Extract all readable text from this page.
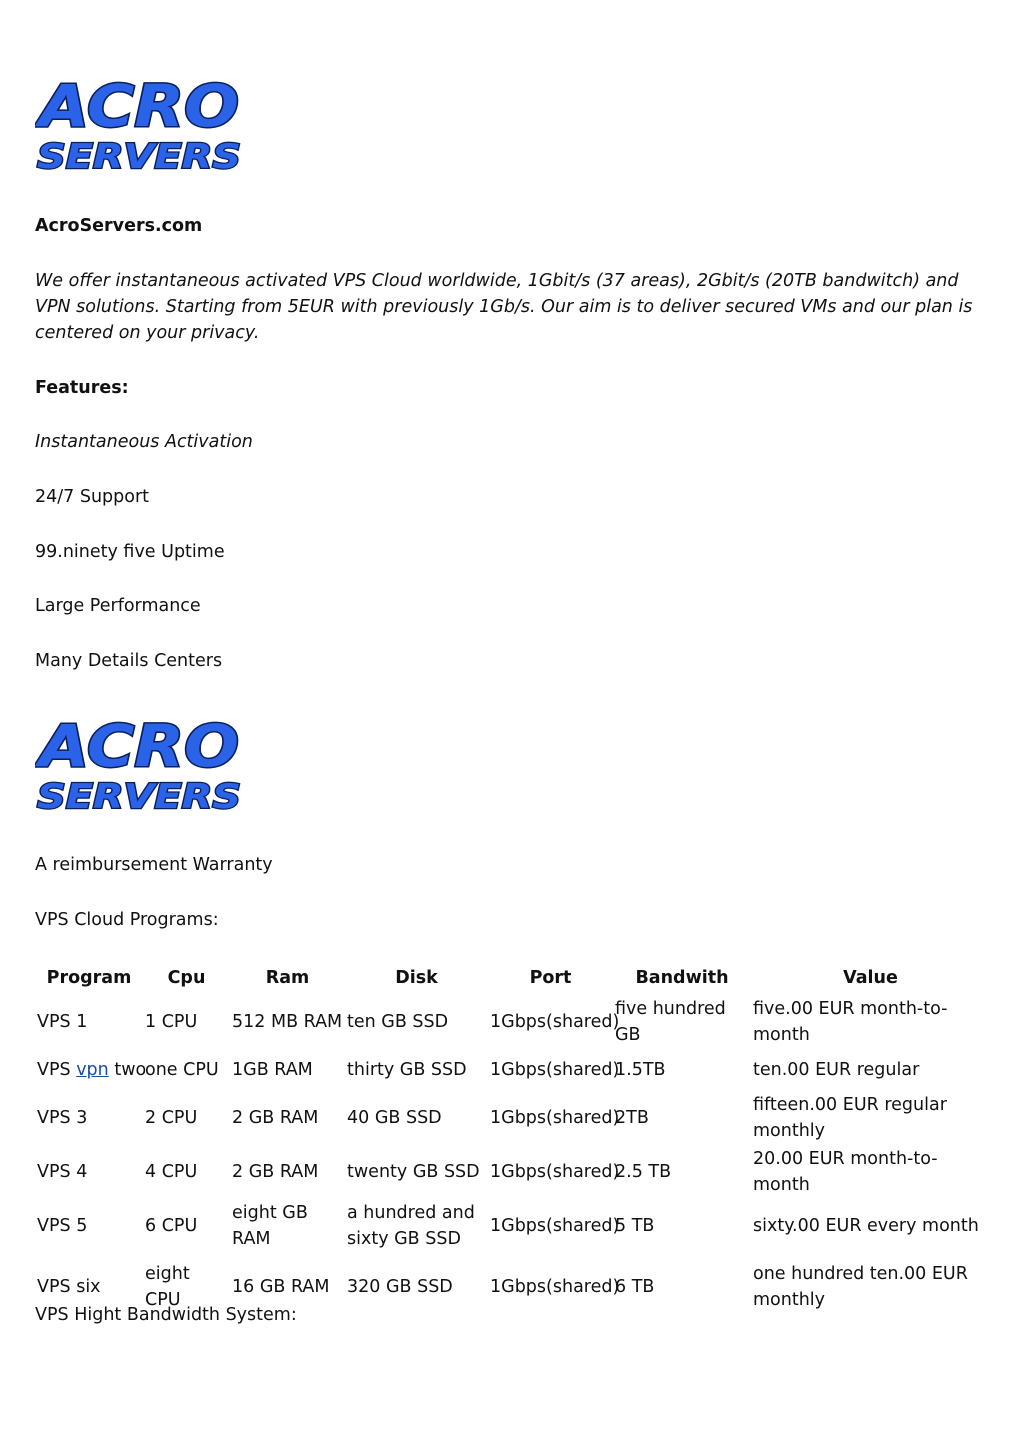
ACRO
SERVERS

AcroServers.com

We offer instantaneous activated VPS Cloud worldwide, 1Gbit/s (37 areas), 2Gbit/s (20TB bandwitch) and VPN solutions. Starting from 5EUR with previously 1Gb/s. Our aim is to deliver secured VMs and our plan is centered on your privacy.

Features:

Instantaneous Activation

24/7 Support

99.ninety five Uptime

Large Performance

Many Details Centers

ACRO
SERVERS

A reimbursement Warranty

VPS Cloud Programs:

Program	Cpu	Ram	Disk	Port	Bandwith	Value
VPS 1	1 CPU	512 MB RAM	ten GB SSD	1Gbps(shared)	five hundred GB	five.00 EUR month-to-month
VPS vpn two	one CPU	1GB RAM	thirty GB SSD	1Gbps(shared)	1.5TB	ten.00 EUR regular
VPS 3	2 CPU	2 GB RAM	40 GB SSD	1Gbps(shared)	2TB	fifteen.00 EUR regular monthly
VPS 4	4 CPU	2 GB RAM	twenty GB SSD	1Gbps(shared)	2.5 TB	20.00 EUR month-to-month
VPS 5	6 CPU	eight GB RAM	a hundred and sixty GB SSD	1Gbps(shared)	5 TB	sixty.00 EUR every month
VPS six	eight CPU	16 GB RAM	320 GB SSD	1Gbps(shared)	6 TB	one hundred ten.00 EUR monthly

VPS Hight Bandwidth System:
